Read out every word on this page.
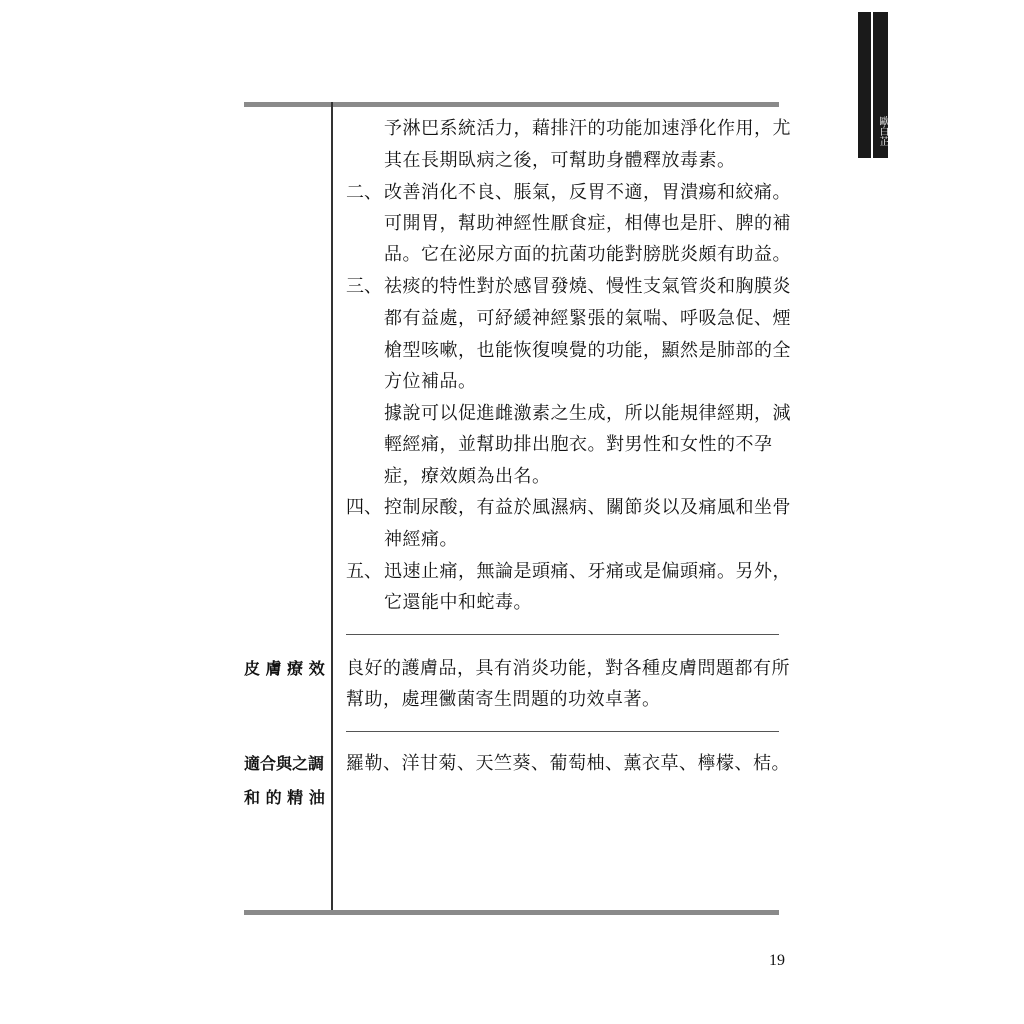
歐白芷
予淋巴系統活力，藉排汗的功能加速淨化作用，尤
其在長期臥病之後，可幫助身體釋放毒素。
二、 改善消化不良、脹氣，反胃不適，胃潰瘍和絞痛。
可開胃，幫助神經性厭食症，相傳也是肝、脾的補
品。它在泌尿方面的抗菌功能對膀胱炎頗有助益。
三、 祛痰的特性對於感冒發燒、慢性支氣管炎和胸膜炎
都有益處，可紓緩神經緊張的氣喘、呼吸急促、煙
槍型咳嗽，也能恢復嗅覺的功能，顯然是肺部的全
方位補品。
據說可以促進雌激素之生成，所以能規律經期，減
輕經痛，並幫助排出胞衣。對男性和女性的不孕
症，療效頗為出名。
四、 控制尿酸，有益於風濕病、關節炎以及痛風和坐骨
神經痛。
五、 迅速止痛，無論是頭痛、牙痛或是偏頭痛。另外，
它還能中和蛇毒。
皮 膚 療 效 良好的護膚品，具有消炎功能，對各種皮膚問題都有所
幫助，處理黴菌寄生問題的功效卓著。
適合與之調
和 的 精 油
羅勒、洋甘菊、天竺葵、葡萄柚、薰衣草、檸檬、桔。
19
